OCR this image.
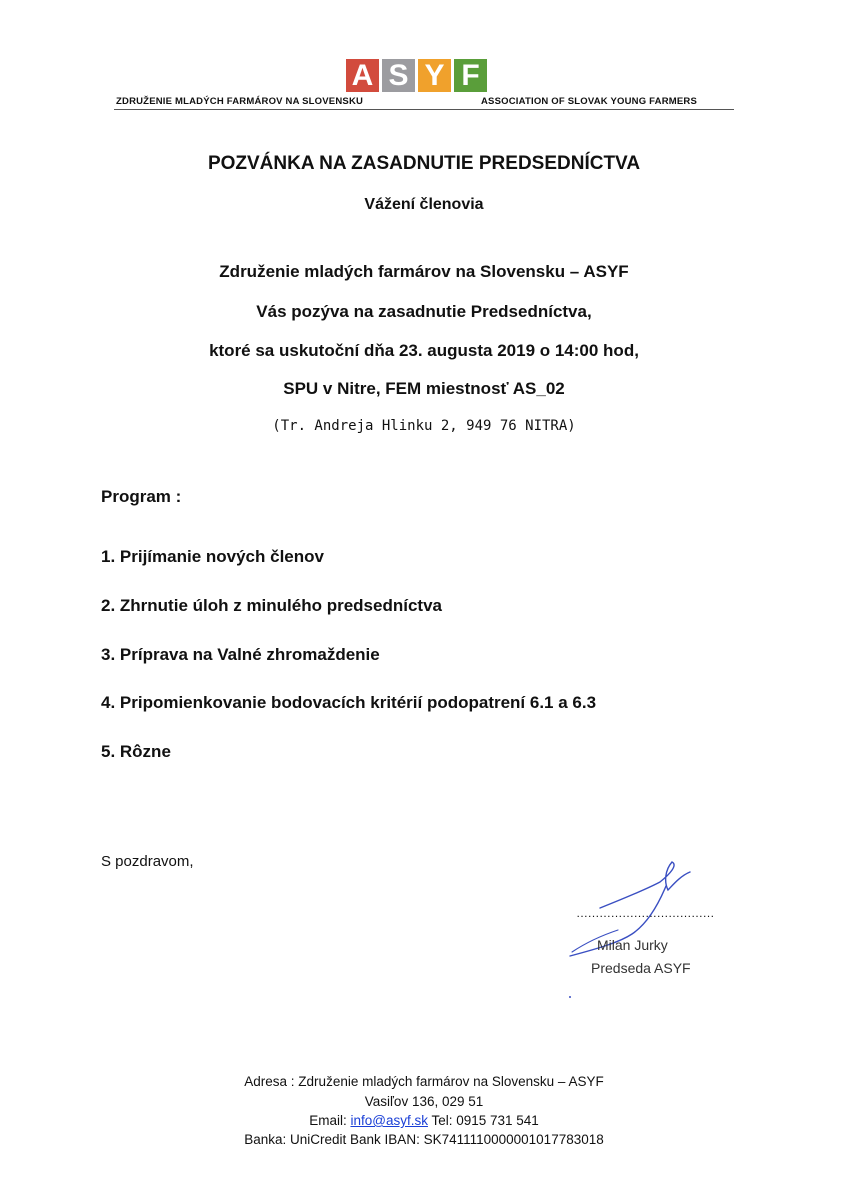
A S Y F
ZDRUŽENIE MLADÝCH FARMÁROV NA SLOVENSKU	ASSOCIATION OF SLOVAK YOUNG FARMERS
POZVÁNKA NA ZASADNUTIE PREDSEDNÍCTVA
Vážení členovia
Združenie mladých farmárov na Slovensku – ASYF
Vás pozýva na zasadnutie Predsedníctva,
ktoré sa uskutoční dňa 23. augusta 2019 o 14:00 hod,
SPU v Nitre, FEM miestnosť AS_02
(Tr. Andreja Hlinku 2, 949 76 NITRA)
Program :
1. Prijímanie nových členov
2. Zhrnutie úloh z minulého predsedníctva
3. Príprava na Valné zhromaždenie
4. Pripomienkovanie bodovacích kritérií podopatrení 6.1 a 6.3
5. Rôzne
S pozdravom,
………………………………
Milan Jurky
Predseda ASYF
Adresa : Združenie mladých farmárov na Slovensku – ASYF
Vasiľov 136, 029 51
Email: info@asyf.sk Tel: 0915 731 541
Banka: UniCredit Bank IBAN: SK7411110000001017783018
